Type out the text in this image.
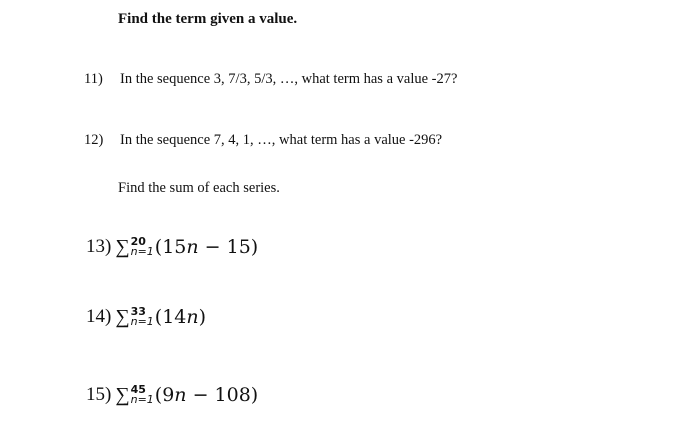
Find the term given a value.
11) In the sequence 3, 7/3, 5/3, …, what term has a value -27?
12) In the sequence 7, 4, 1, …, what term has a value -296?
Find the sum of each series.
13) ∑ 20
n=1 (15n − 15)
14) ∑ 33
n=1 (14n)
15) ∑ 45
n=1 (9n − 108)
